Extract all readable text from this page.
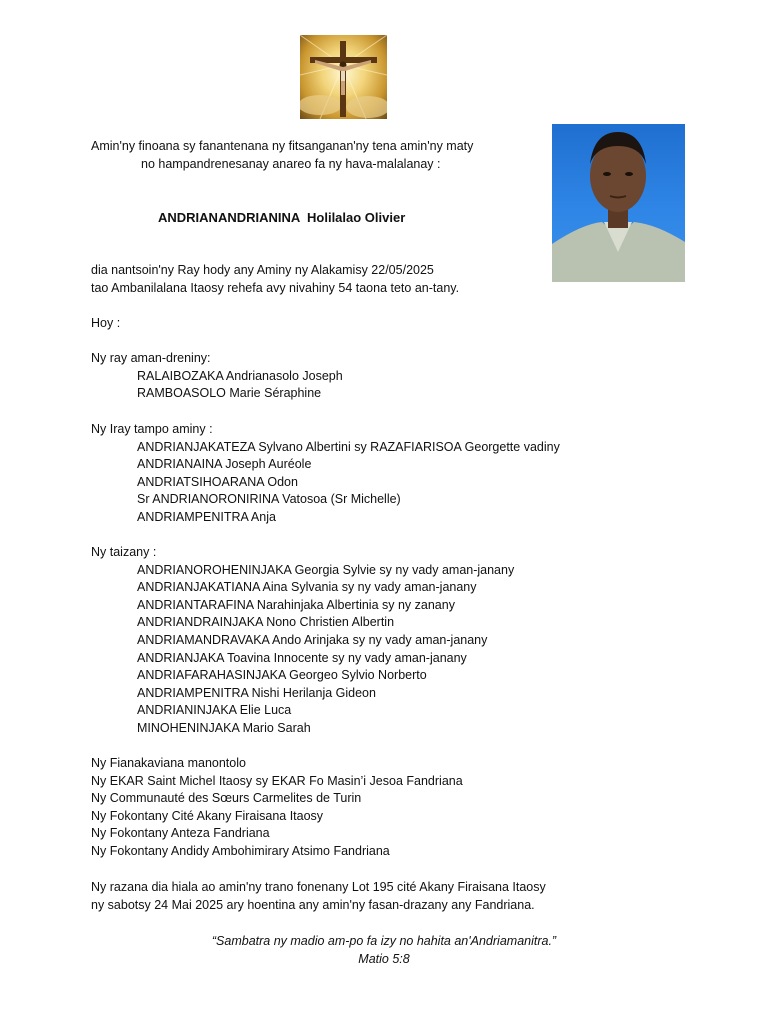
Amin'ny finoana sy fanantenana ny fitsanganan'ny tena amin'ny maty
no hampandrenesanay anareo fa ny hava-malalanay :
ANDRIANANDRIANINA  Holilalao Olivier
dia nantsoin'ny Ray hody any Aminy ny Alakamisy 22/05/2025
tao Ambanilalana Itaosy rehefa avy nivahiny 54 taona teto an-tany.
Hoy :
Ny ray aman-dreniny:
RALAIBOZAKA Andrianasolo Joseph
RAMBOASOLO Marie Séraphine
Ny Iray tampo aminy :
ANDRIANJAKATEZA Sylvano Albertini sy RAZAFIARISOA Georgette vadiny
ANDRIANAINA Joseph Auréole
ANDRIATSIHOARANA Odon
Sr ANDRIANORONIRINA Vatosoa (Sr Michelle)
ANDRIAMPENITRA Anja
Ny taizany :
ANDRIANOROHENINJAKA Georgia Sylvie sy ny vady aman-janany
ANDRIANJAKATIANA Aina Sylvania sy ny vady aman-janany
ANDRIANTARAFINA Narahinjaka Albertinia sy ny zanany
ANDRIANDRAINJAKA Nono Christien Albertin
ANDRIAMANDRAVAKA Ando Arinjaka sy ny vady aman-janany
ANDRIANJAKA Toavina Innocente sy ny vady aman-janany
ANDRIAFARAHASINJAKA Georgeo Sylvio Norberto
ANDRIAMPENITRA Nishi Herilanja Gideon
ANDRIANINJAKA Elie Luca
MINOHENINJAKA Mario Sarah
Ny Fianakaviana manontolo
Ny EKAR Saint Michel Itaosy sy EKAR Fo Masin’i Jesoa Fandriana
Ny Communauté des Sœurs Carmelites de Turin
Ny Fokontany Cité Akany Firaisana Itaosy
Ny Fokontany Anteza Fandriana
Ny Fokontany Andidy Ambohimirary Atsimo Fandriana
Ny razana dia hiala ao amin'ny trano fonenany Lot 195 cité Akany Firaisana Itaosy
ny sabotsy 24 Mai 2025 ary hoentina any amin'ny fasan-drazany any Fandriana.
“Sambatra ny madio am-po fa izy no hahita an'Andriamanitra.”
Matio 5:8
